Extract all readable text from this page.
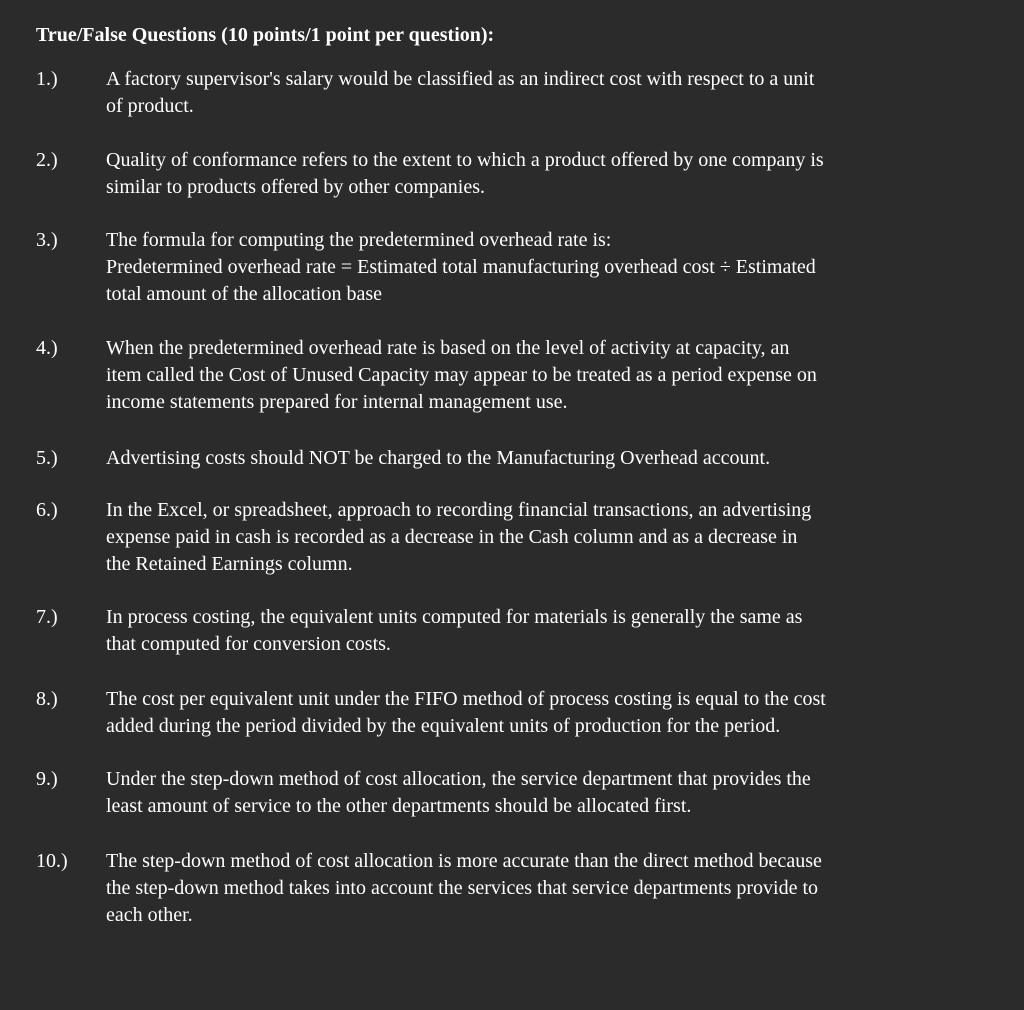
True/False Questions (10 points/1 point per question):
1.)	A factory supervisor's salary would be classified as an indirect cost with respect to a unit
of product.
2.)	Quality of conformance refers to the extent to which a product offered by one company is
similar to products offered by other companies.
3.)	The formula for computing the predetermined overhead rate is:
Predetermined overhead rate = Estimated total manufacturing overhead cost ÷ Estimated
total amount of the allocation base
4.)	When the predetermined overhead rate is based on the level of activity at capacity, an
item called the Cost of Unused Capacity may appear to be treated as a period expense on
income statements prepared for internal management use.
5.)	Advertising costs should NOT be charged to the Manufacturing Overhead account.
6.)	In the Excel, or spreadsheet, approach to recording financial transactions, an advertising
expense paid in cash is recorded as a decrease in the Cash column and as a decrease in
the Retained Earnings column.
7.)	In process costing, the equivalent units computed for materials is generally the same as
that computed for conversion costs.
8.)	The cost per equivalent unit under the FIFO method of process costing is equal to the cost
added during the period divided by the equivalent units of production for the period.
9.)	Under the step-down method of cost allocation, the service department that provides the
least amount of service to the other departments should be allocated first.
10.)	The step-down method of cost allocation is more accurate than the direct method because
the step-down method takes into account the services that service departments provide to
each other.
